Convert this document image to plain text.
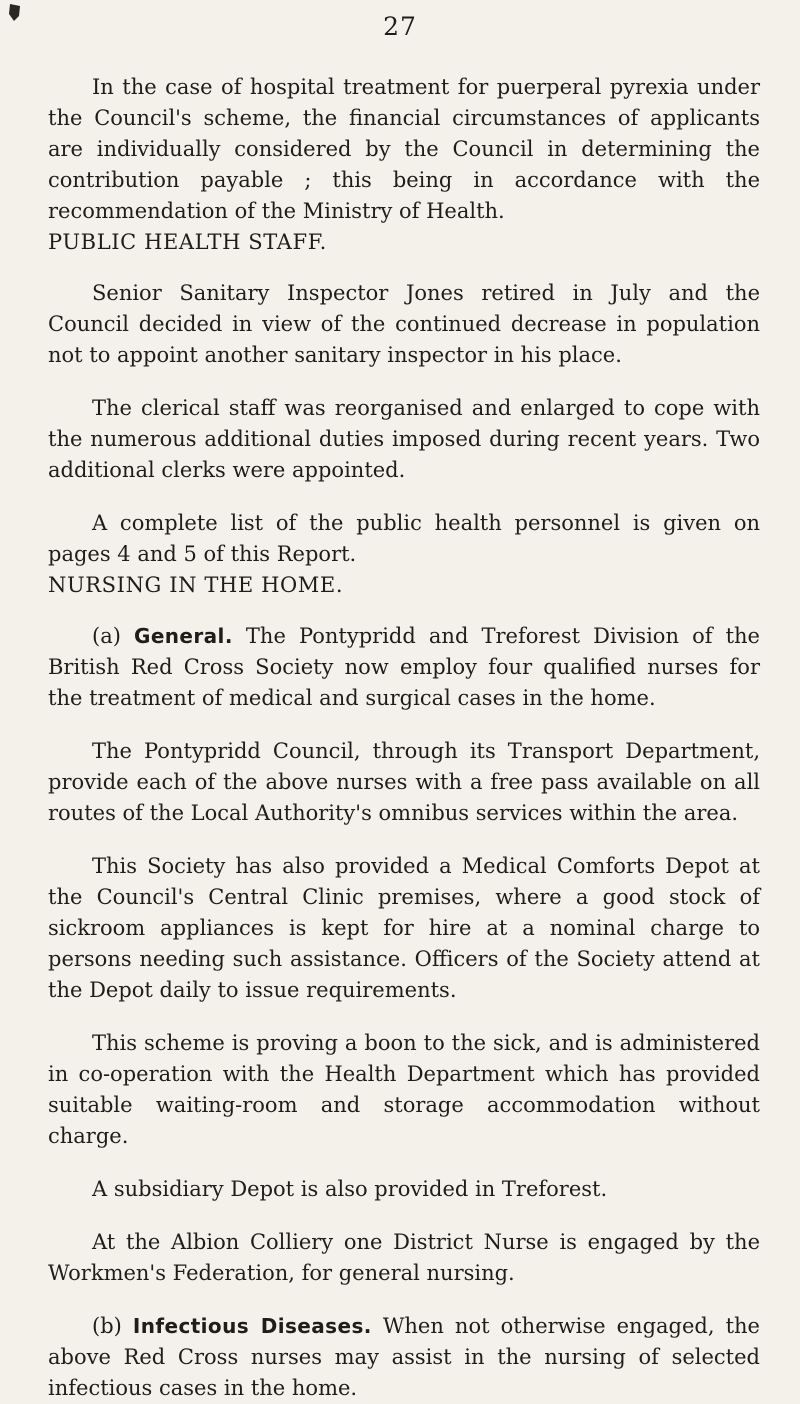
27

In the case of hospital treatment for puerperal pyrexia under the Council's scheme, the financial circumstances of applicants are individually considered by the Council in determining the contribution payable ; this being in accordance with the recommendation of the Ministry of Health.

PUBLIC HEALTH STAFF.

Senior Sanitary Inspector Jones retired in July and the Council decided in view of the continued decrease in population not to appoint another sanitary inspector in his place.

The clerical staff was reorganised and enlarged to cope with the numerous additional duties imposed during recent years. Two additional clerks were appointed.

A complete list of the public health personnel is given on pages 4 and 5 of this Report.

NURSING IN THE HOME.

(a) General. The Pontypridd and Treforest Division of the British Red Cross Society now employ four qualified nurses for the treatment of medical and surgical cases in the home.

The Pontypridd Council, through its Transport Department, provide each of the above nurses with a free pass available on all routes of the Local Authority's omnibus services within the area.

This Society has also provided a Medical Comforts Depot at the Council's Central Clinic premises, where a good stock of sickroom appliances is kept for hire at a nominal charge to persons needing such assistance. Officers of the Society attend at the Depot daily to issue requirements.

This scheme is proving a boon to the sick, and is administered in co-operation with the Health Department which has provided suitable waiting-room and storage accommodation without charge.

A subsidiary Depot is also provided in Treforest.

At the Albion Colliery one District Nurse is engaged by the Workmen's Federation, for general nursing.

(b) Infectious Diseases. When not otherwise engaged, the above Red Cross nurses may assist in the nursing of selected infectious cases in the home.
